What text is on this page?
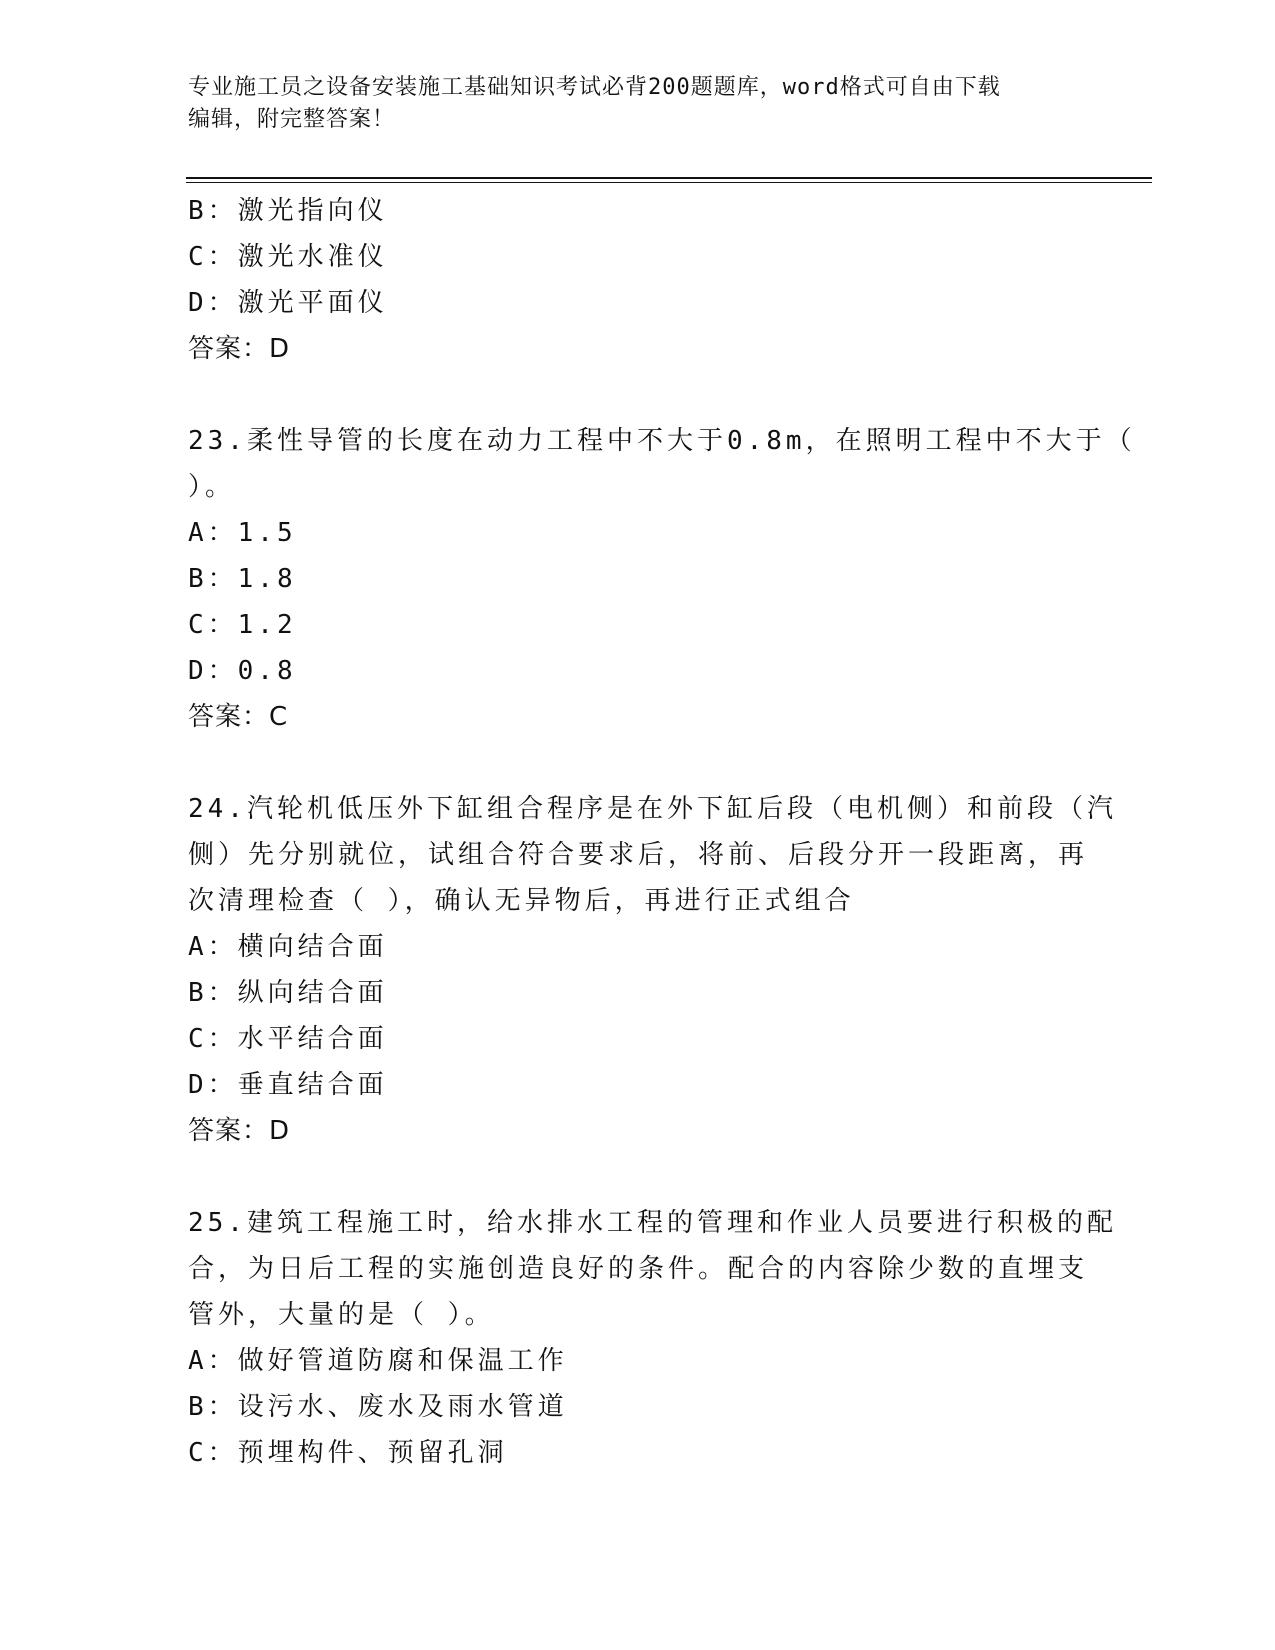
专业施工员之设备安装施工基础知识考试必背200题题库，word格式可自由下载
编辑，附完整答案！
B：激光指向仪
C：激光水准仪
D：激光平面仪
答案：D
23.柔性导管的长度在动力工程中不大于0.8m，在照明工程中不大于（
）。
A：1.5
B：1.8
C：1.2
D：0.8
答案：C
24.汽轮机低压外下缸组合程序是在外下缸后段（电机侧）和前段（汽
侧）先分别就位，试组合符合要求后，将前、后段分开一段距离，再
次清理检查（ ），确认无异物后，再进行正式组合
A：横向结合面
B：纵向结合面
C：水平结合面
D：垂直结合面
答案：D
25.建筑工程施工时，给水排水工程的管理和作业人员要进行积极的配
合，为日后工程的实施创造良好的条件。配合的内容除少数的直埋支
管外，大量的是（ ）。
A：做好管道防腐和保温工作
B：设污水、废水及雨水管道
C：预埋构件、预留孔洞
